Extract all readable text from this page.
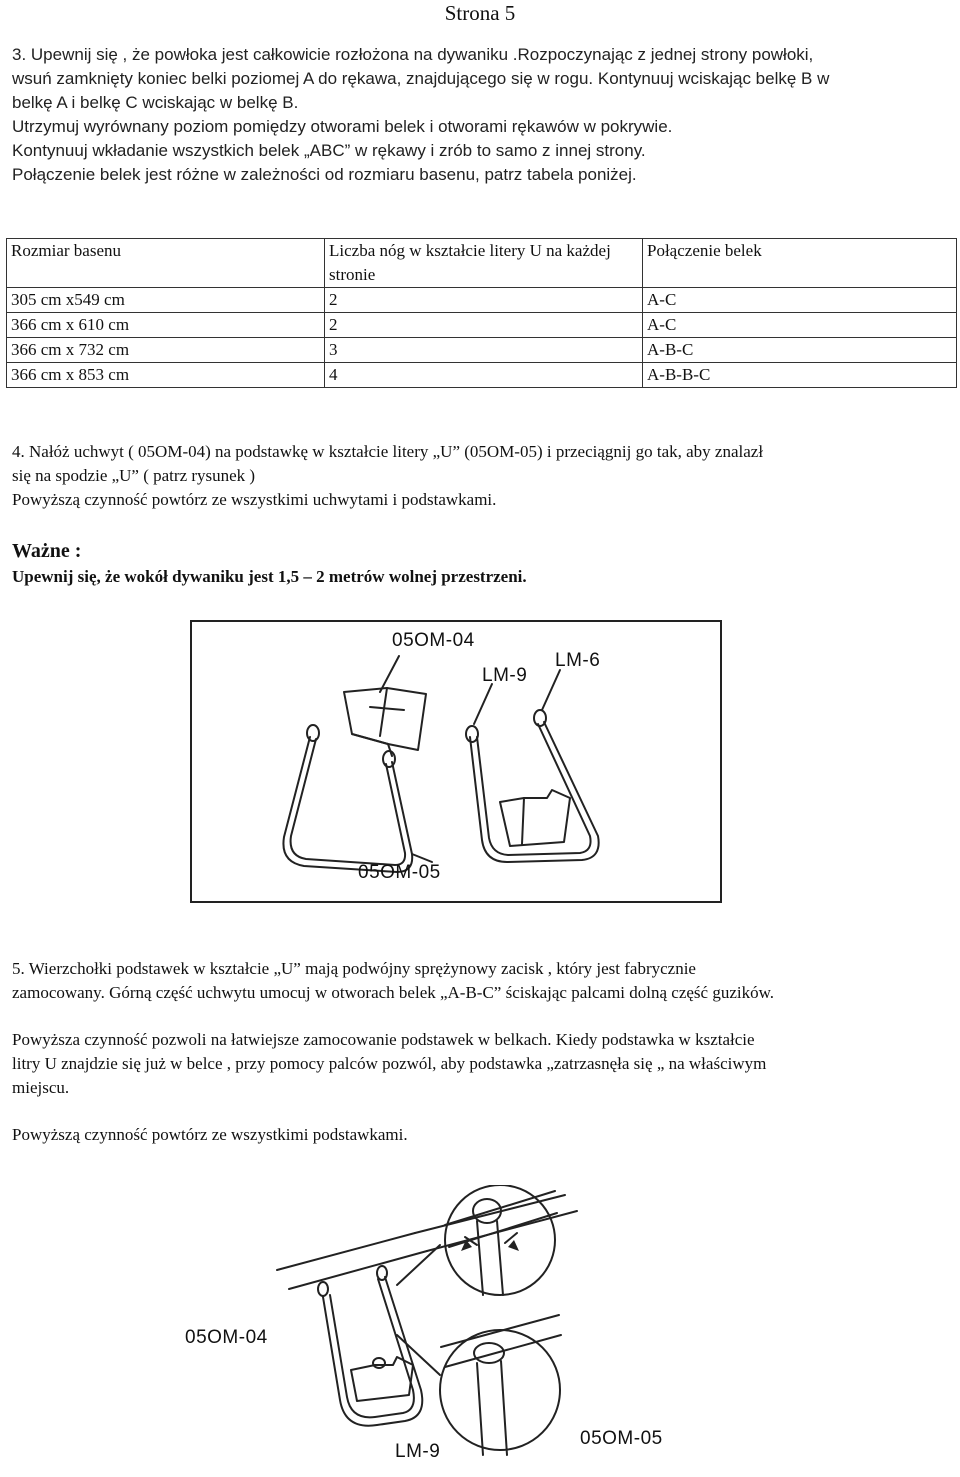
Strona 5
3. Upewnij się , że powłoka jest całkowicie rozłożona na dywaniku .Rozpoczynając z jednej strony powłoki,
wsuń zamknięty koniec belki poziomej A do rękawa, znajdującego się w rogu. Kontynuuj wciskając belkę B w
belkę A i belkę C wciskając w belkę B.
Utrzymuj wyrównany poziom pomiędzy otworami belek i otworami rękawów w pokrywie.
Kontynuuj wkładanie wszystkich belek „ABC” w rękawy i zrób to samo z innej strony.
Połączenie belek jest różne w zależności od rozmiaru basenu, patrz tabela poniżej.
Rozmiar basenu	Liczba nóg w kształcie litery U na każdej stronie	Połączenie belek
305 cm x549 cm	2	A-C
366 cm x 610 cm	2	A-C
366 cm x 732 cm	3	A-B-C
366 cm x 853 cm	4	A-B-B-C
4. Nałóż uchwyt ( 05OM-04) na podstawkę w kształcie litery „U” (05OM-05) i przeciągnij go tak, aby znalazł
się na spodzie „U” ( patrz rysunek )
Powyższą czynność powtórz ze wszystkimi uchwytami i podstawkami.
Ważne :
Upewnij się, że wokół dywaniku jest 1,5 – 2 metrów wolnej przestrzeni.
05OM-04
LM-9
LM-6
05OM-05
5. Wierzchołki podstawek w kształcie „U” mają podwójny sprężynowy zacisk , który jest fabrycznie
zamocowany. Górną część uchwytu umocuj w otworach belek „A-B-C” ściskając palcami dolną część guzików.
Powyższa czynność pozwoli na łatwiejsze zamocowanie podstawek w belkach. Kiedy podstawka w kształcie
litry U znajdzie się już w belce , przy pomocy palców pozwól, aby podstawka „zatrzasnęła się „ na właściwym
miejscu.
Powyższą czynność powtórz ze wszystkimi podstawkami.
05OM-04
LM-9
05OM-05
